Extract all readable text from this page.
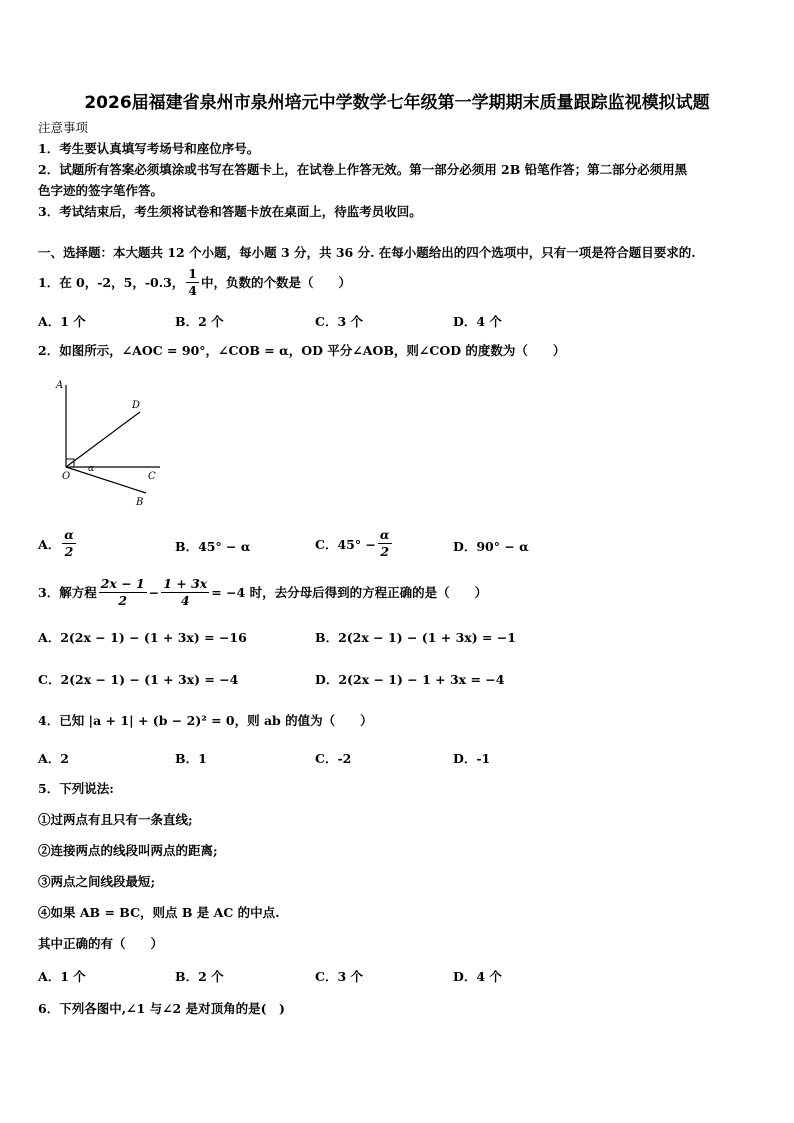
2026届福建省泉州市泉州培元中学数学七年级第一学期期末质量跟踪监视模拟试题
注意事项
1．考生要认真填写考场号和座位序号。
2．试题所有答案必须填涂或书写在答题卡上，在试卷上作答无效。第一部分必须用 2B 铅笔作答；第二部分必须用黑
色字迹的签字笔作答。
3．考试结束后，考生须将试卷和答题卡放在桌面上，待监考员收回。
一、选择题：本大题共 12 个小题，每小题 3 分，共 36 分. 在每小题给出的四个选项中，只有一项是符合题目要求的.
1．在 0，-2，5，-0.3， $\frac{1}{4}$ 中，负数的个数是（　　）
A．1 个	B．2 个	C．3 个	D．4 个
2．如图所示，∠AOC = 90°，∠COB = α，OD 平分∠AOB，则∠COD 的度数为（　　）
A
D
O
α
C
B
A． $\frac{\alpha}{2}$	B．45° − α	C．$45^\circ - \frac{\alpha}{2}$	D．90° − α
3．解方程 $\frac{2x - 1}{2} - \frac{1 + 3x}{4} = -4$ 时，去分母后得到的方程正确的是（　　）
A．2(2x − 1) − (1 + 3x) = −16	B．2(2x − 1) − (1 + 3x) = −1
C．2(2x − 1) − (1 + 3x) = −4	D．2(2x − 1) − 1 + 3x = −4
4．已知 |a + 1| + (b − 2)² = 0，则 ab 的值为（　　）
A．2	B．1	C．-2	D．-1
5．下列说法:
①过两点有且只有一条直线;
②连接两点的线段叫两点的距离;
③两点之间线段最短;
④如果 AB = BC，则点 B 是 AC 的中点.
其中正确的有（　　）
A．1 个	B．2 个	C．3 个	D．4 个
6．下列各图中,∠1 与∠2 是对顶角的是(　)
